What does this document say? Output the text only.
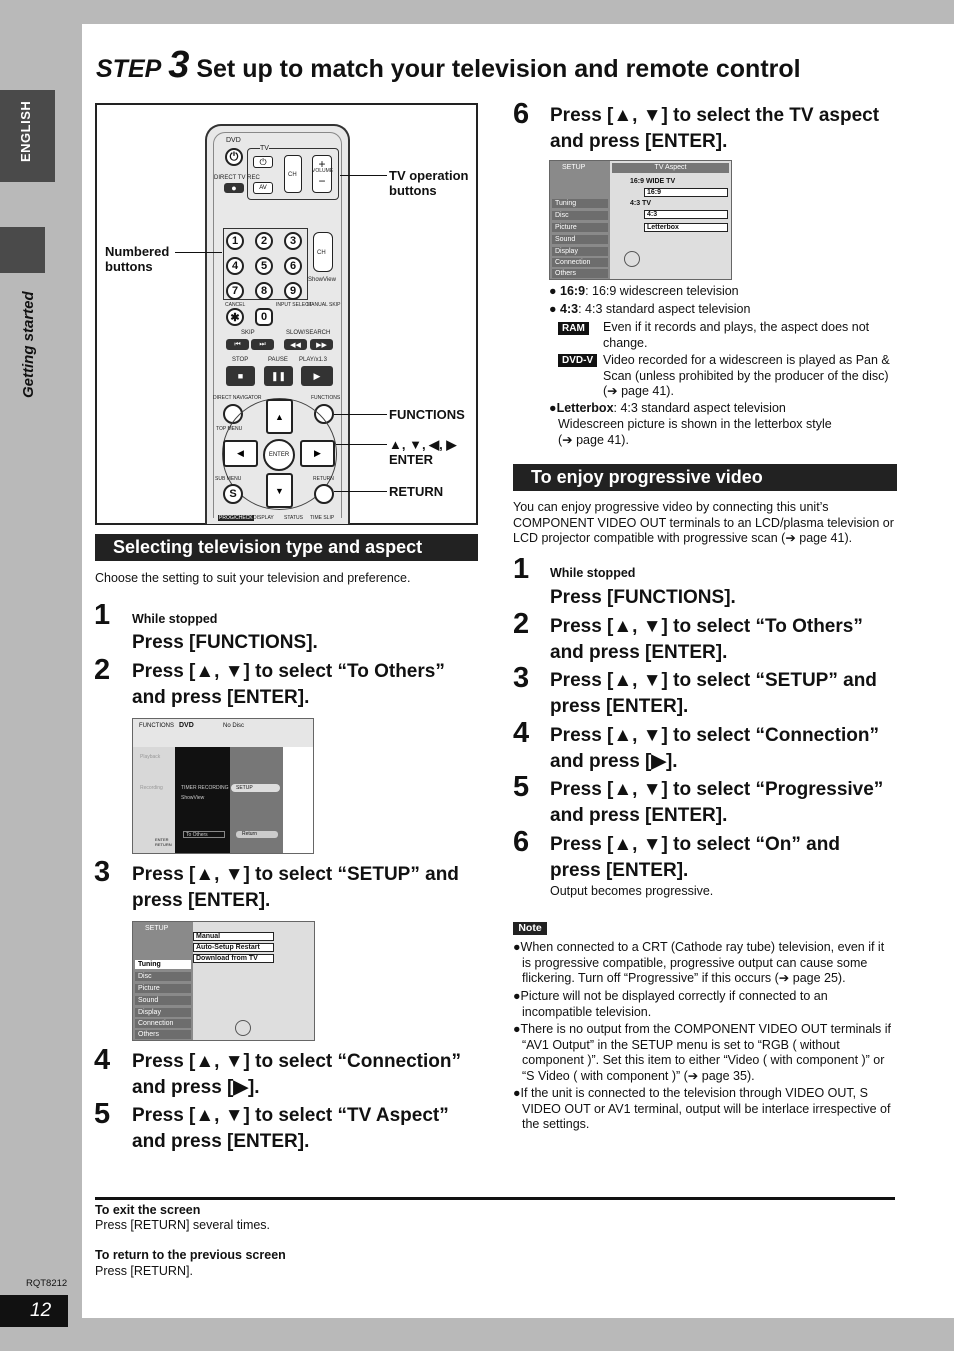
ENGLISH
Getting started
STEP 3 Set up to match your television and remote control
DVD
⏻
DIRECT TV REC
●
TV
⏻
AV
CH
+
−
VOLUME
1	2	3
4	5	6
7	8	9
CH
ShowView
CANCEL	INPUT SELECT
MANUAL SKIP
✱	0
SKIP	SLOW/SEARCH
⏮	⏭	◀◀	▶▶
STOP	PAUSE PLAY/x1.3
■	❚❚	▶
DIRECT NAVIGATOR	FUNCTIONS
TOP MENU
▲
▼
◀	▶
ENTER
SUB MENU	RETURN
S
PROG/CHECK DISPLAY STATUS TIME SLIP
TV operation
buttons
Numbered
buttons
FUNCTIONS
▲, ▼, ◀, ▶
ENTER
RETURN
Selecting television type and aspect
Choose the setting to suit your television and preference.
1 While stopped
Press [FUNCTIONS].
2 Press [▲, ▼] to select “To Others” and press [ENTER].
FUNCTIONS DVD	No Disc
Playback
Recording	TIMER RECORDING
ShowView
SETUP
To Others	Return
ENTER
RETURN
3 Press [▲, ▼] to select “SETUP” and press [ENTER].
SETUP
Tuning
Disc
Picture
Sound
Display
Connection
Others
Manual
Auto-Setup Restart
Download from TV
4 Press [▲, ▼] to select “Connection” and press [▶].
5 Press [▲, ▼] to select “TV Aspect” and press [ENTER].
6 Press [▲, ▼] to select the TV aspect and press [ENTER].
SETUP	TV Aspect
Tuning
Disc
Picture
Sound
Display
Connection
Others
16:9 WIDE TV
16:9
4:3 TV
4:3
Letterbox
● 16:9: 16:9 widescreen television
● 4:3: 4:3 standard aspect television
RAM	Even if it records and plays, the aspect does not change.
DVD-V Video recorded for a widescreen is played as Pan & Scan (unless prohibited by the producer of the disc) (➔ page 41).
●Letterbox: 4:3 standard aspect television
Widescreen picture is shown in the letterbox style
(➔ page 41).
To enjoy progressive video
You can enjoy progressive video by connecting this unit’s COMPONENT VIDEO OUT terminals to an LCD/plasma television or LCD projector compatible with progressive scan (➔ page 41).
1 While stopped
Press [FUNCTIONS].
2 Press [▲, ▼] to select “To Others” and press [ENTER].
3 Press [▲, ▼] to select “SETUP” and press [ENTER].
4 Press [▲, ▼] to select “Connection” and press [▶].
5 Press [▲, ▼] to select “Progressive” and press [ENTER].
6 Press [▲, ▼] to select “On” and press [ENTER].
Output becomes progressive.
Note
●When connected to a CRT (Cathode ray tube) television, even if it is progressive compatible, progressive output can cause some flickering. Turn off “Progressive” if this occurs (➔ page 25).
●Picture will not be displayed correctly if connected to an incompatible television.
●There is no output from the COMPONENT VIDEO OUT terminals if “AV1 Output” in the SETUP menu is set to “RGB ( without component )”. Set this item to either “Video ( with component )” or “S Video ( with component )” (➔ page 35).
●If the unit is connected to the television through VIDEO OUT, S VIDEO OUT or AV1 terminal, output will be interlace irrespective of the settings.
To exit the screen
Press [RETURN] several times.
To return to the previous screen
Press [RETURN].
RQT8212
12
